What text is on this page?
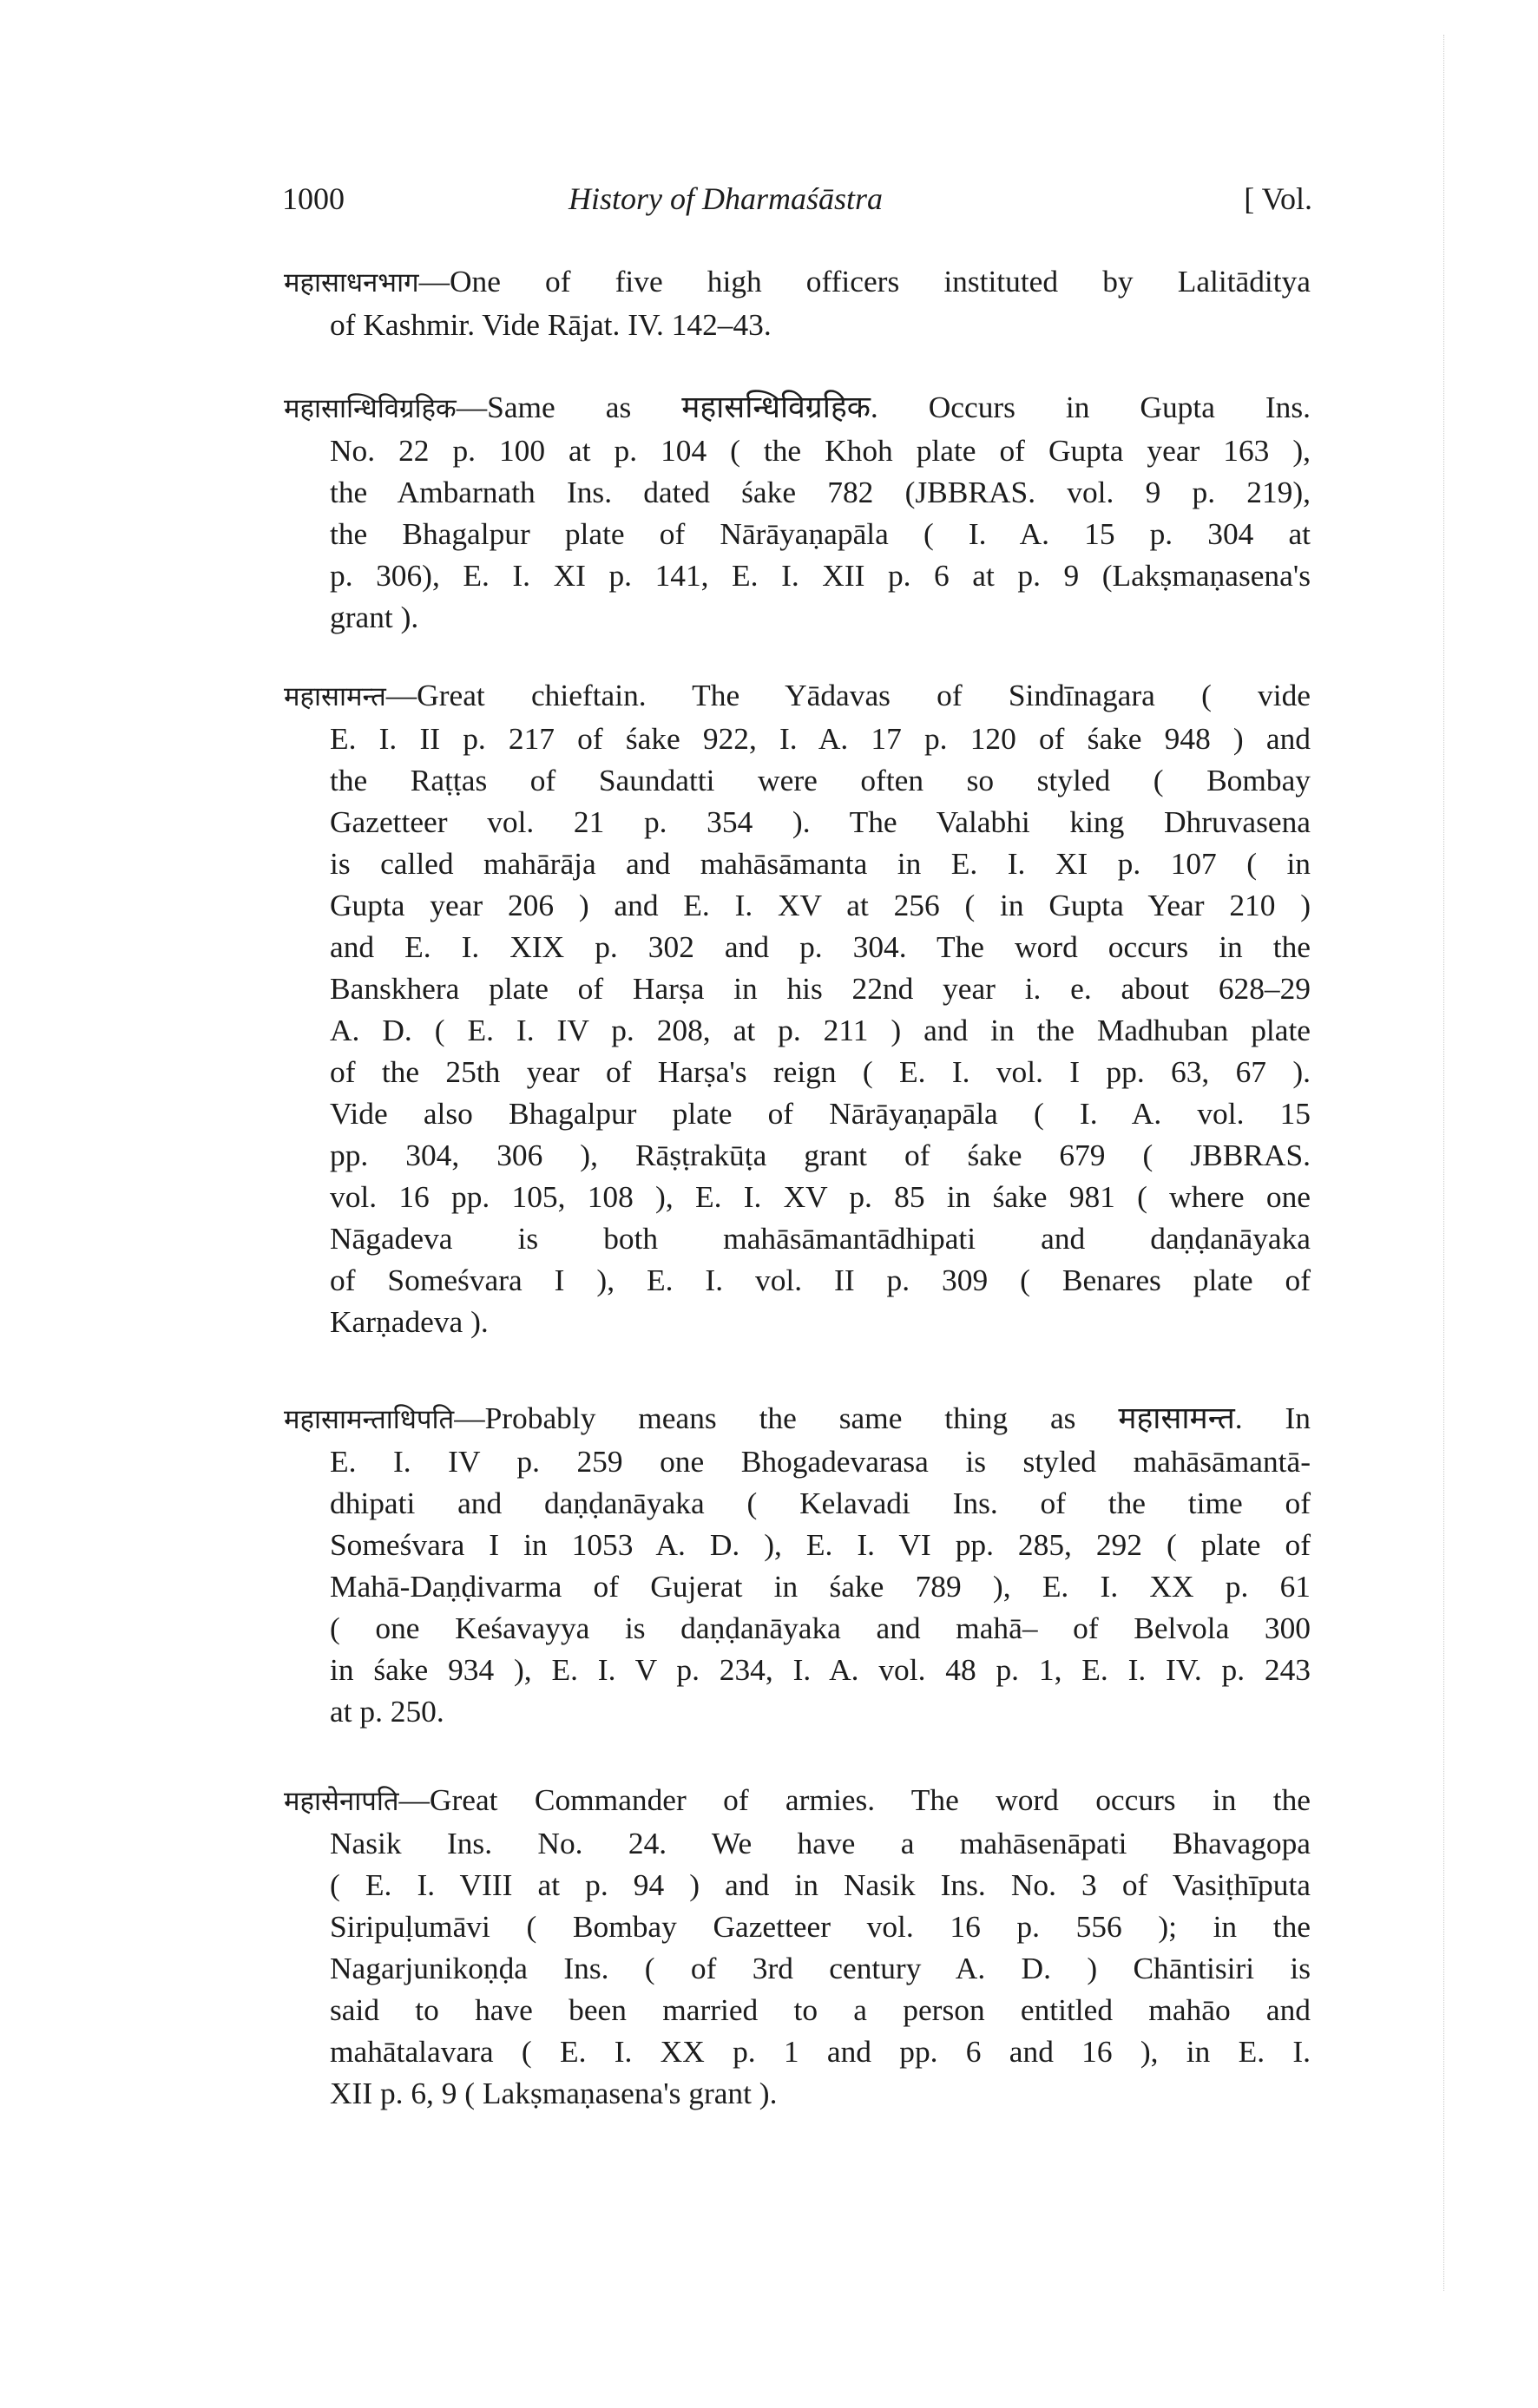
1000	History of Dharmaśāstra	[ Vol.
महासाधनभाग—One of five high officers instituted by Lalitāditya
of Kashmir. Vide Rājat. IV. 142–43.
महासान्धिविग्रहिक—Same as महासन्धिविग्रहिक. Occurs in Gupta Ins.
No. 22 p. 100 at p. 104 ( the Khoh plate of Gupta year 163 ),
the Ambarnath Ins. dated śake 782 (JBBRAS. vol. 9 p. 219),
the Bhagalpur plate of Nārāyaṇapāla ( I. A. 15 p. 304 at
p. 306), E. I. XI p. 141, E. I. XII p. 6 at p. 9 (Lakṣmaṇasena's
grant ).
महासामन्त—Great chieftain. The Yādavas of Sindīnagara ( vide
E. I. II p. 217 of śake 922, I. A. 17 p. 120 of śake 948 ) and
the Raṭṭas of Saundatti were often so styled ( Bombay
Gazetteer vol. 21 p. 354 ). The Valabhi king Dhruvasena
is called mahārāja and mahāsāmanta in E. I. XI p. 107 ( in
Gupta year 206 ) and E. I. XV at 256 ( in Gupta Year 210 )
and E. I. XIX p. 302 and p. 304. The word occurs in the
Banskhera plate of Harṣa in his 22nd year i. e. about 628–29
A. D. ( E. I. IV p. 208, at p. 211 ) and in the Madhuban plate
of the 25th year of Harṣa's reign ( E. I. vol. I pp. 63, 67 ).
Vide also Bhagalpur plate of Nārāyaṇapāla ( I. A. vol. 15
pp. 304, 306 ), Rāṣṭrakūṭa grant of śake 679 ( JBBRAS.
vol. 16 pp. 105, 108 ), E. I. XV p. 85 in śake 981 ( where one
Nāgadeva is both mahāsāmantādhipati and daṇḍanāyaka
of Someśvara I ), E. I. vol. II p. 309 ( Benares plate of
Karṇadeva ).
महासामन्ताधिपति—Probably means the same thing as महासामन्त. In
E. I. IV p. 259 one Bhogadevarasa is styled mahāsāmantā-
dhipati and daṇḍanāyaka ( Kelavadi Ins. of the time of
Someśvara I in 1053 A. D. ), E. I. VI pp. 285, 292 ( plate of
Mahā-Daṇḍivarma of Gujerat in śake 789 ), E. I. XX p. 61
( one Keśavayya is daṇḍanāyaka and mahā– of Belvola 300
in śake 934 ), E. I. V p. 234, I. A. vol. 48 p. 1, E. I. IV. p. 243
at p. 250.
महासेनापति—Great Commander of armies. The word occurs in the
Nasik Ins. No. 24. We have a mahāsenāpati Bhavagopa
( E. I. VIII at p. 94 ) and in Nasik Ins. No. 3 of Vasiṭhīputa
Siripuḷumāvi ( Bombay Gazetteer vol. 16 p. 556 ); in the
Nagarjunikoṇḍa Ins. ( of 3rd century A. D. ) Chāntisiri is
said to have been married to a person entitled mahāo and
mahātalavara ( E. I. XX p. 1 and pp. 6 and 16 ), in E. I.
XII p. 6, 9 ( Lakṣmaṇasena's grant ).
